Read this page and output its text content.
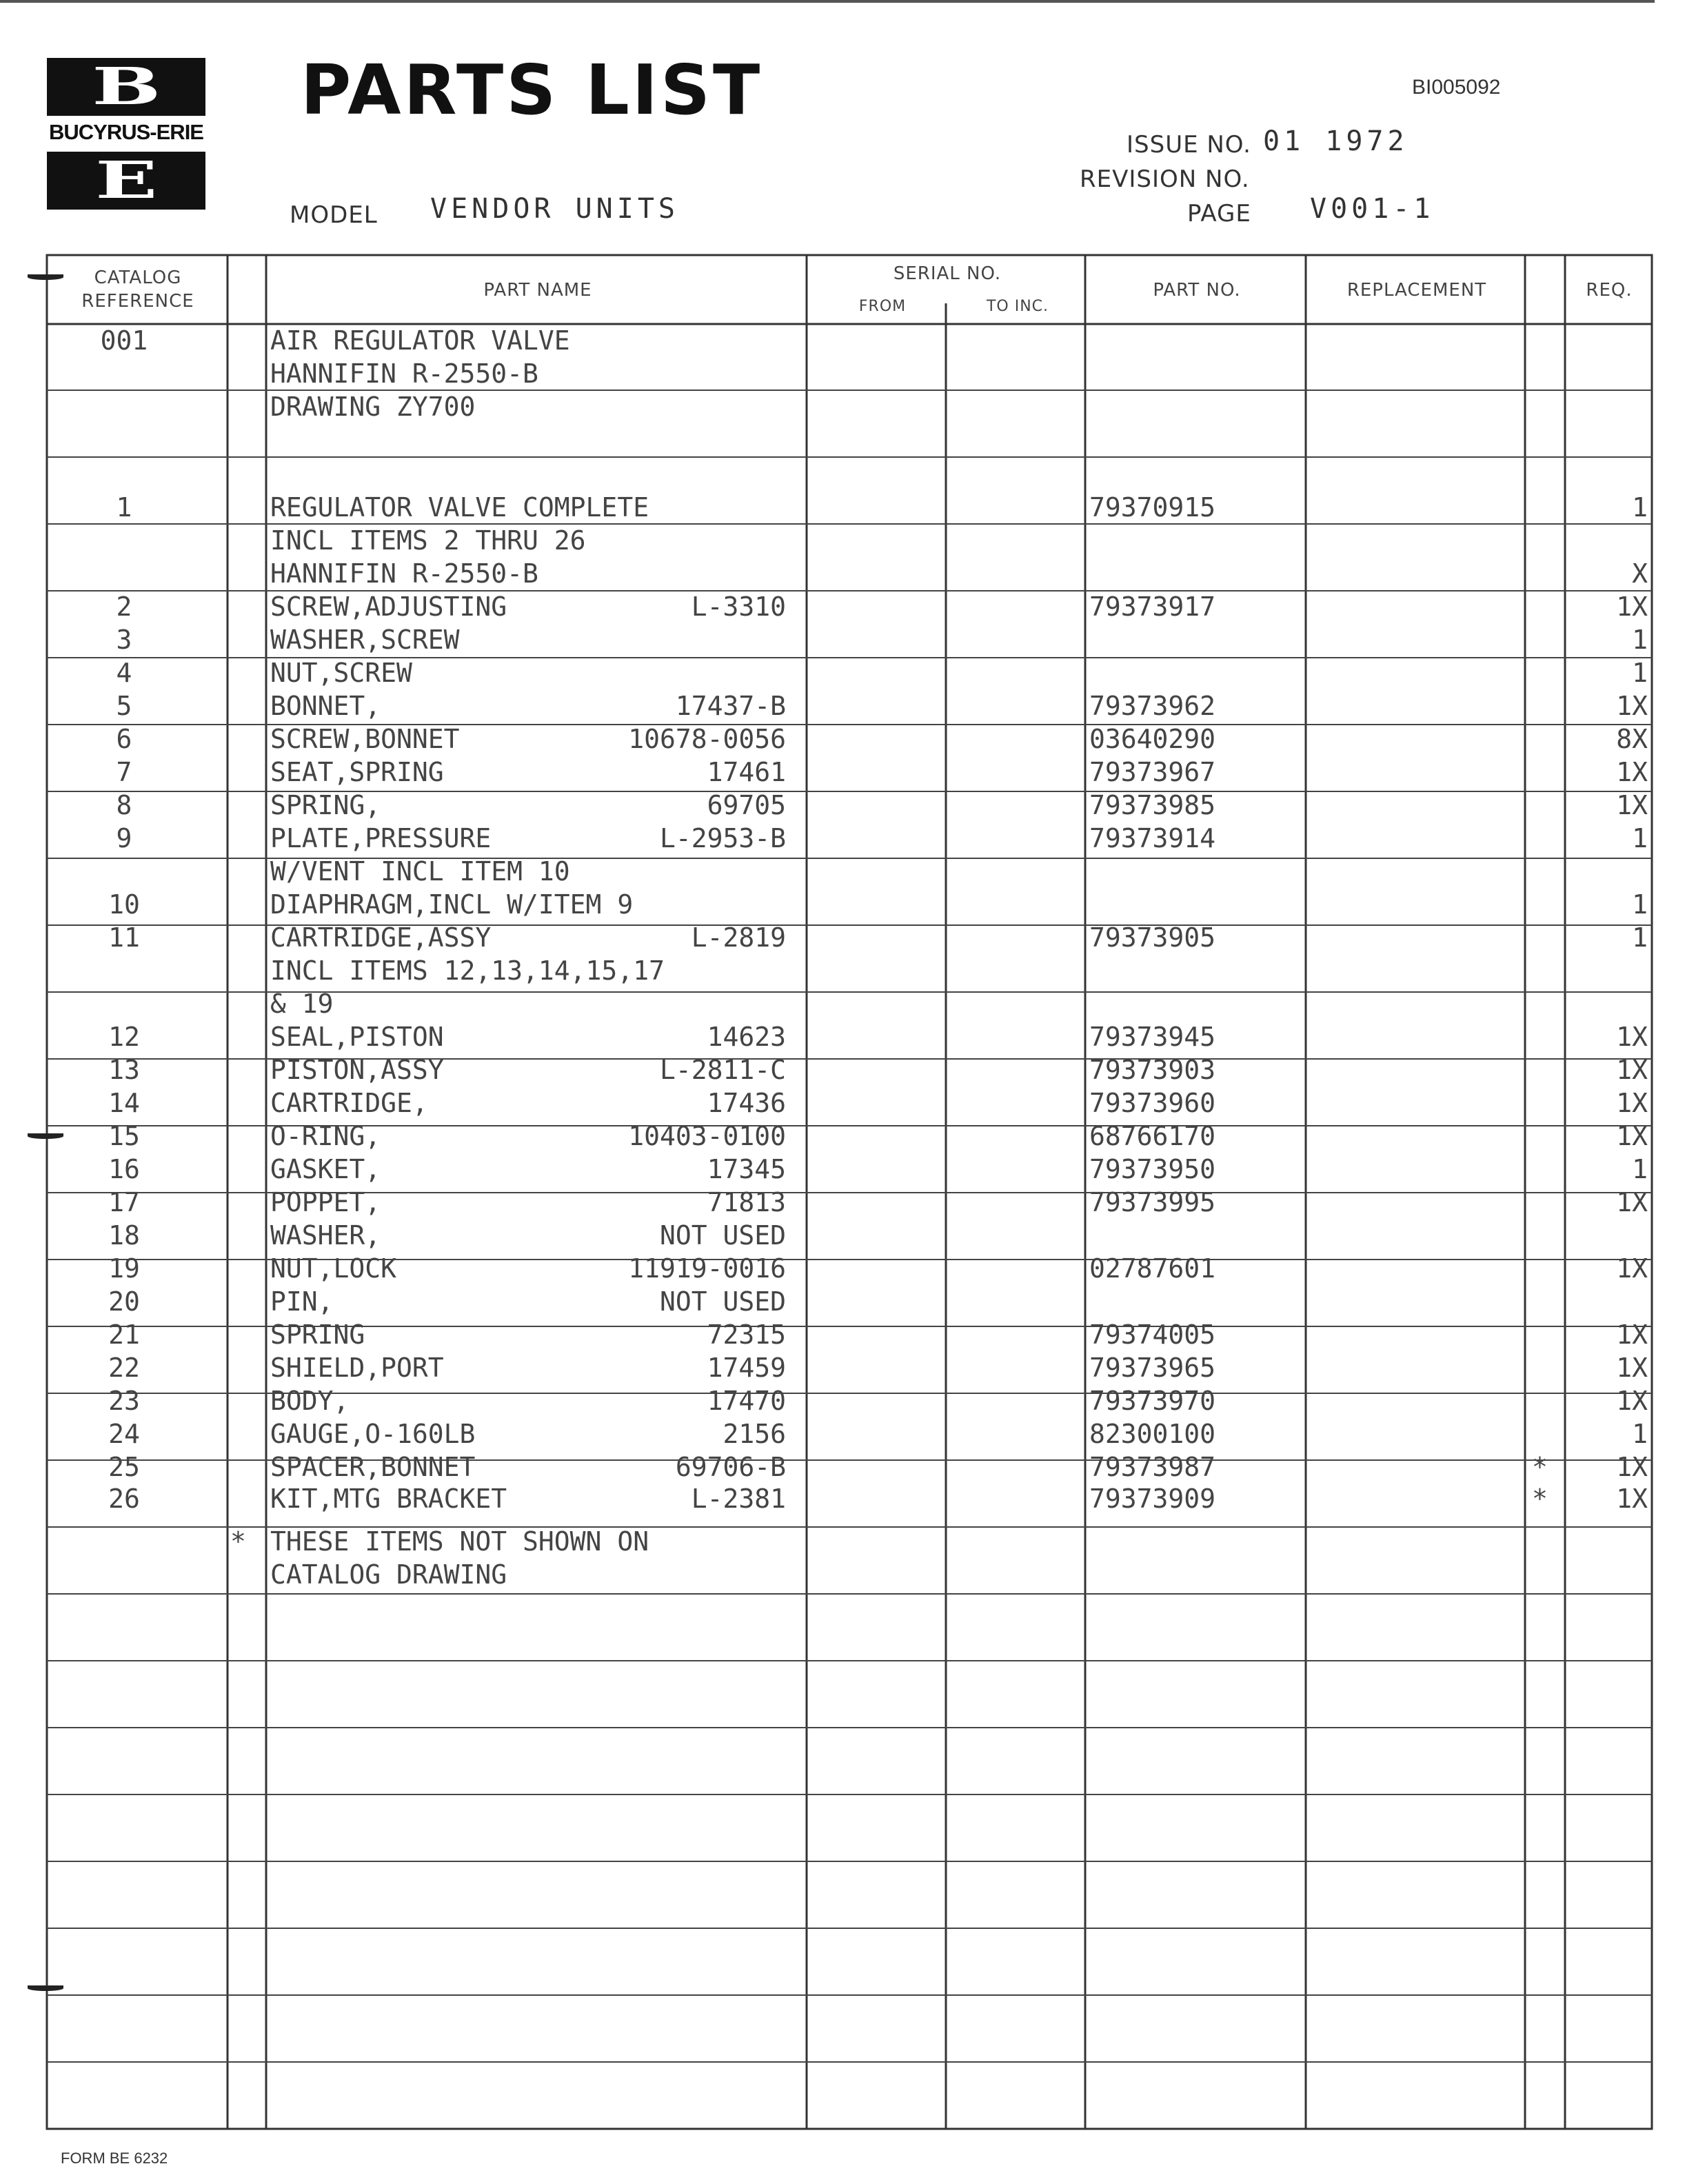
B
BUCYRUS-ERIE
E
PARTS LIST	BI005092
ISSUE NO. 01 1972
REVISION NO.
PAGE V001-1
MODEL VENDOR UNITS
CATALOG REFERENCE
PART NAME
SERIAL NO.
FROM	TO INC.
PART NO.	REPLACEMENT	REQ.
001	AIR REGULATOR VALVE
HANNIFIN R-2550-B
DRAWING ZY700
1	REGULATOR VALVE COMPLETE	79370915	1
INCL ITEMS 2 THRU 26
HANNIFIN R-2550-B	X
2	SCREW,ADJUSTING	L-3310	79373917	1X
3	WASHER,SCREW	1
4	NUT,SCREW	1
5	BONNET,	17437-B	79373962	1X
6	SCREW,BONNET	10678-0056	03640290	8X
7	SEAT,SPRING	17461	79373967	1X
8	SPRING,	69705	79373985	1X
9	PLATE,PRESSURE	L-2953-B	79373914	1
W/VENT INCL ITEM 10
10	DIAPHRAGM,INCL W/ITEM 9	1
11	CARTRIDGE,ASSY	L-2819	79373905	1
INCL ITEMS 12,13,14,15,17
& 19
12	SEAL,PISTON	14623	79373945	1X
13	PISTON,ASSY	L-2811-C	79373903	1X
14	CARTRIDGE,	17436	79373960	1X
15	O-RING,	10403-0100	68766170	1X
16	GASKET,	17345	79373950	1
17	POPPET,	71813	79373995	1X
18	WASHER,	NOT USED
19	NUT,LOCK	11919-0016	02787601	1X
20	PIN,	NOT USED
21	SPRING	72315	79374005	1X
22	SHIELD,PORT	17459	79373965	1X
23	BODY,	17470	79373970	1X
24	GAUGE,O-160LB	2156	82300100	1
25	SPACER,BONNET	69706-B	79373987	*	1X
26	KIT,MTG BRACKET	L-2381	79373909	*	1X
* THESE ITEMS NOT SHOWN ON
CATALOG DRAWING
FORM BE 6232
